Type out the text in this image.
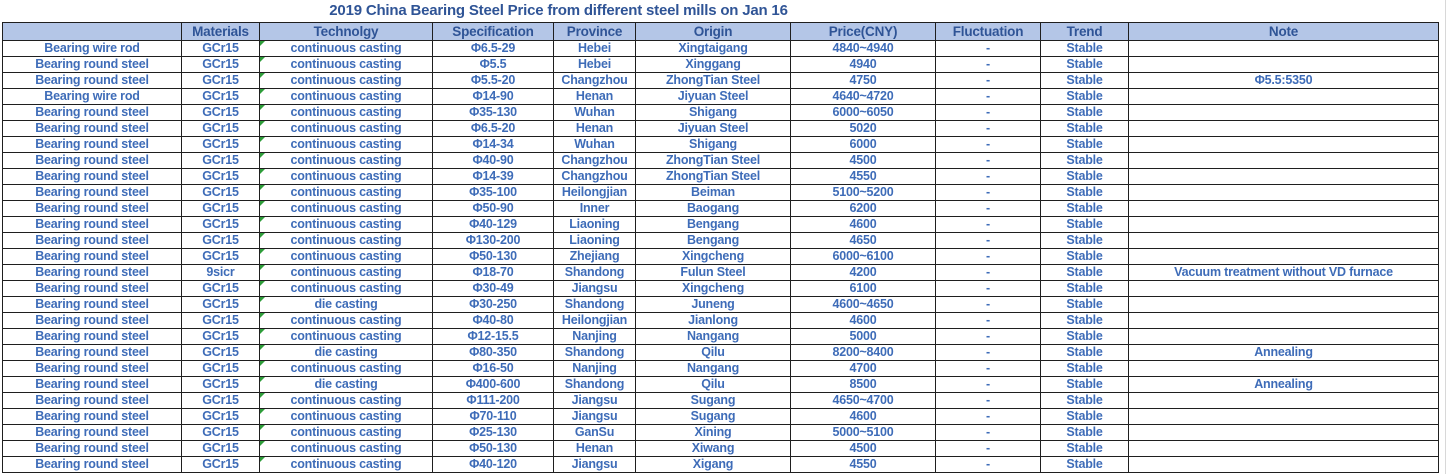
	2019 China Bearing Steel Price from different steel mills on Jan 16								
	Materials	Technolgy	Specification	Province	Origin	Price(CNY)	Fluctuation	Trend	Note
Bearing wire rod	GCr15	continuous casting	Φ6.5-29	Hebei	Xingtaigang	4840~4940	-	Stable	
Bearing round steel	GCr15	continuous casting	Φ5.5	Hebei	Xinggang	4940	-	Stable	
Bearing round steel	GCr15	continuous casting	Φ5.5-20	Changzhou	ZhongTian Steel	4750	-	Stable	Φ5.5:5350
Bearing wire rod	GCr15	continuous casting	Φ14-90	Henan	Jiyuan Steel	4640~4720	-	Stable	
Bearing round steel	GCr15	continuous casting	Φ35-130	Wuhan	Shigang	6000~6050	-	Stable	
Bearing round steel	GCr15	continuous casting	Φ6.5-20	Henan	Jiyuan Steel	5020	-	Stable	
Bearing round steel	GCr15	continuous casting	Φ14-34	Wuhan	Shigang	6000	-	Stable	
Bearing round steel	GCr15	continuous casting	Φ40-90	Changzhou	ZhongTian Steel	4500	-	Stable	
Bearing round steel	GCr15	continuous casting	Φ14-39	Changzhou	ZhongTian Steel	4550	-	Stable	
Bearing round steel	GCr15	continuous casting	Φ35-100	Heilongjian	Beiman	5100~5200	-	Stable	
Bearing round steel	GCr15	continuous casting	Φ50-90	Inner	Baogang	6200	-	Stable	
Bearing round steel	GCr15	continuous casting	Φ40-129	Liaoning	Bengang	4600	-	Stable	
Bearing round steel	GCr15	continuous casting	Φ130-200	Liaoning	Bengang	4650	-	Stable	
Bearing round steel	GCr15	continuous casting	Φ50-130	Zhejiang	Xingcheng	6000~6100	-	Stable	
Bearing round steel	9sicr	continuous casting	Φ18-70	Shandong	Fulun Steel	4200	-	Stable	Vacuum treatment without VD furnace
Bearing round steel	GCr15	continuous casting	Φ30-49	Jiangsu	Xingcheng	6100	-	Stable	
Bearing round steel	GCr15	die casting	Φ30-250	Shandong	Juneng	4600~4650	-	Stable	
Bearing round steel	GCr15	continuous casting	Φ40-80	Heilongjian	Jianlong	4600	-	Stable	
Bearing round steel	GCr15	continuous casting	Φ12-15.5	Nanjing	Nangang	5000	-	Stable	
Bearing round steel	GCr15	die casting	Φ80-350	Shandong	Qilu	8200~8400	-	Stable	Annealing
Bearing round steel	GCr15	continuous casting	Φ16-50	Nanjing	Nangang	4700	-	Stable	
Bearing round steel	GCr15	die casting	Φ400-600	Shandong	Qilu	8500	-	Stable	Annealing
Bearing round steel	GCr15	continuous casting	Φ111-200	Jiangsu	Sugang	4650~4700	-	Stable	
Bearing round steel	GCr15	continuous casting	Φ70-110	Jiangsu	Sugang	4600	-	Stable	
Bearing round steel	GCr15	continuous casting	Φ25-130	GanSu	Xining	5000~5100	-	Stable	
Bearing round steel	GCr15	continuous casting	Φ50-130	Henan	Xiwang	4500	-	Stable	
Bearing round steel	GCr15	continuous casting	Φ40-120	Jiangsu	Xigang	4550	-	Stable	
